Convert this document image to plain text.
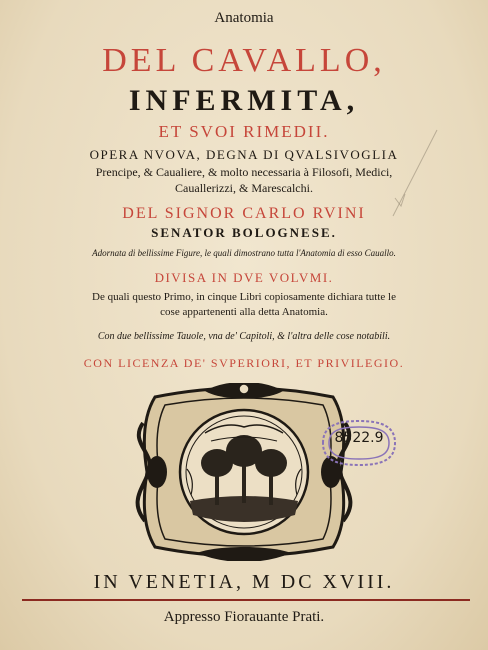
Anatomia
DEL CAVALLO,
INFERMITA,
ET SVOI RIMEDII.
OPERA NVOVA, DEGNA DI QVALSIVOGLIA
Prencipe, & Caualiere, & molto necessaria à Filosofi, Medici,
Cauallerizzi, & Marescalchi.
DEL SIGNOR CARLO RVINI
SENATOR BOLOGNESE.
Adornata di bellissime Figure, le quali dimostrano tutta l'Anatomia di esso Cauallo.
DIVISA IN DVE VOLVMI.
De quali questo Primo, in cinque Libri copiosamente dichiara tutte le
cose appartenenti alla detta Anatomia.
Con due bellissime Tauole, vna de' Capitoli, & l'altra delle cose notabili.
CON LICENZA DE' SVPERIORI, ET PRIVILEGIO.
8522.9
IN VENETIA, M DC XVIII.
Appresso Fiorauante Prati.
